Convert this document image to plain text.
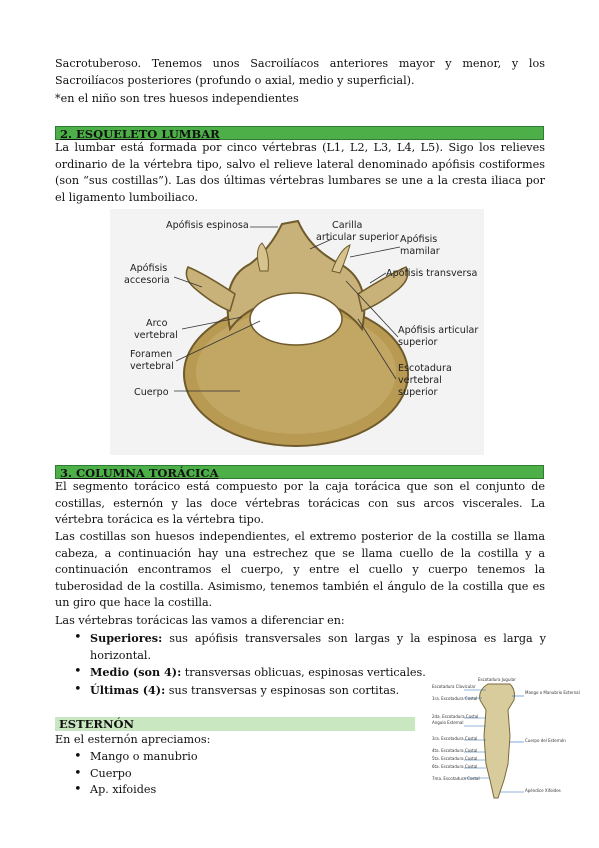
Sacrotuberoso. Tenemos unos Sacroilíacos anteriores mayor y menor, y los Sacroilíacos posteriores (profundo o axial, medio y superficial).
*en el niño son tres huesos independientes
2. ESQUELETO LUMBAR
La lumbar está formada por cinco vértebras (L1, L2, L3, L4, L5). Sigo los relieves ordinario de la vértebra tipo, salvo el relieve lateral denominado apófisis costiformes (son “sus costillas”). Las dos últimas vértebras lumbares se une a la cresta iliaca por el ligamento lumboiliaco.
Apófisis espinosa	Carilla
articular superior Apófisis
mamilar
Apófisis
accesoria
Apófisis transversa
Arco
vertebral
Foramen
vertebral
Apófisis articular
superior
Cuerpo
Escotadura
vertebral
superior
3. COLUMNA TORÁCICA
El segmento torácico está compuesto por la caja torácica que son el conjunto de costillas, esternón y las doce vértebras torácicas con sus arcos viscerales. La vértebra torácica es la vértebra tipo.
Las costillas son huesos independientes, el extremo posterior de la costilla se llama cabeza, a continuación hay una estrechez que se llama cuello de la costilla y a continuación encontramos el cuerpo, y entre el cuello y cuerpo tenemos la tuberosidad de la costilla. Asimismo, tenemos también el ángulo de la costilla que es un giro que hace la costilla.
Las vértebras torácicas las vamos a diferenciar en:
• Superiores: sus apófisis transversales son largas y la espinosa es larga y horizontal.
• Medio (son 4): transversas oblicuas, espinosas verticales.
• Últimas (4): sus transversas y espinosas son cortitas.
ESTERNÓN
En el esternón apreciamos:
• Mango o manubrio
• Cuerpo
• Ap. xifoides
Escotadura Jugular
Escotadura Clavicular
1ra. Escotadura Costal
2da. Escotadura Costal
Angulo Esternal
3ra. Escotadura Costal
4ta. Escotadura Costal
5ta. Escotadura Costal
6ta. Escotadura Costal
7ma. Escotadura Costal
Mango o Manubrio Esternal
Cuerpo del Esternón
Apéndice Xifoides
